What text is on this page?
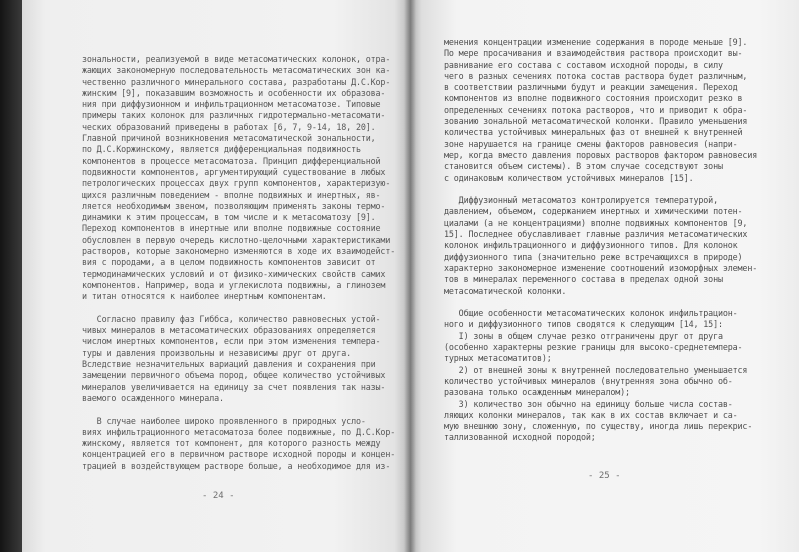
зональности, реализуемой в виде метасоматических колонок, отра-
жающих закономерную последовательность метасоматических зон ка-
чественно различного минерального состава, разработаны Д.С.Кор-
жинским [9], показавшим возможность и особенности их образова-
ния при диффузионном и инфильтрационном метасоматозе. Типовые
примеры таких колонок для различных гидротермально-метасомати-
ческих образований приведены в работах [6, 7, 9-14, 18, 20].
Главной причиной возникновения метасоматической зональности,
по Д.С.Коржинскому, является дифференциальная подвижность
компонентов в процессе метасоматоза. Принцип дифференциальной
подвижности компонентов, аргументирующий существование в любых
петрологических процессах двух групп компонентов, характеризую-
щихся различным поведением - вполне подвижных и инертных, яв-
ляется необходимым звеном, позволяющим применять законы термо-
динамики к этим процессам, в том числе и к метасоматозу [9].
Переход компонентов в инертные или вполне подвижные состояние
обусловлен в первую очередь кислотно-щелочными характеристиками
растворов, которые закономерно изменяются в ходе их взаимодейст-
вия с породами, а в целом подвижность компонентов зависит от
термодинамических условий и от физико-химических свойств самих
компонентов. Например, вода и углекислота подвижны, а глинозем
и титан относятся к наиболее инертным компонентам.

Согласно правилу фаз Гиббса, количество равновесных устой-
чивых минералов в метасоматических образованиях определяется
числом инертных компонентов, если при этом изменения темпера-
туры и давления произвольны и независимы друг от друга.
Вследствие незначительных вариаций давления и сохранения при
замещении первичного объема пород, общее количество устойчивых
минералов увеличивается на единицу за счет появления так назы-
ваемого осажденного минерала.

В случае наиболее широко проявленного в природных усло-
виях инфильтрационного метасоматоза более подвижные, по Д.С.Кор-
жинскому, является тот компонент, для которого разность между
концентрацией его в первичном растворе исходной породы и концен-
трацией в воздействующем растворе больше, а необходимое для из-
- 24 -
менения концентрации изменение содержания в породе меньше [9].
По мере просачивания и взаимодействия раствора происходит вы-
равнивание его состава с составом исходной породы, в силу
чего в разных сечениях потока состав раствора будет различным,
в соответствии различными будут и реакции замещения. Переход
компонентов из вполне подвижного состояния происходит резко в
определенных сечениях потока растворов, что и приводит к обра-
зованию зональной метасоматической колонки. Правило уменьшения
количества устойчивых минеральных фаз от внешней к внутренней
зоне нарушается на границе смены факторов равновесия (напри-
мер, когда вместо давления поровых растворов фактором равновесия
становится объем системы). В этом случае соседствуют зоны
с одинаковым количеством устойчивых минералов [15].

Диффузионный метасоматоз контролируется температурой,
давлением, объемом, содержанием инертных и химическими потен-
циалами (а не концентрациями) вполне подвижных компонентов [9,
15]. Последнее обуславливает главные различия метасоматических
колонок инфильтрационного и диффузионного типов. Для колонок
диффузионного типа (значительно реже встречающихся в природе)
характерно закономерное изменение соотношений изоморфных элемен-
тов в минералах переменного состава в пределах одной зоны
метасоматической колонки.

Общие особенности метасоматических колонок инфильтрацион-
ного и диффузионного типов сводятся к следующим [14, 15]:
I) зоны в общем случае резко отграничены друг от друга
(особенно характерны резкие границы для высоко-среднетемпера-
турных метасоматитов);
2) от внешней зоны к внутренней последовательно уменьшается
количество устойчивых минералов (внутренняя зона обычно об-
разована только осажденным минералом);
3) количество зон обычно на единицу больше числа состав-
ляющих колонки минералов, так как в их состав включает и са-
мую внешнюю зону, сложенную, по существу, иногда лишь перекрис-
таллизованной исходной породой;
- 25 -
